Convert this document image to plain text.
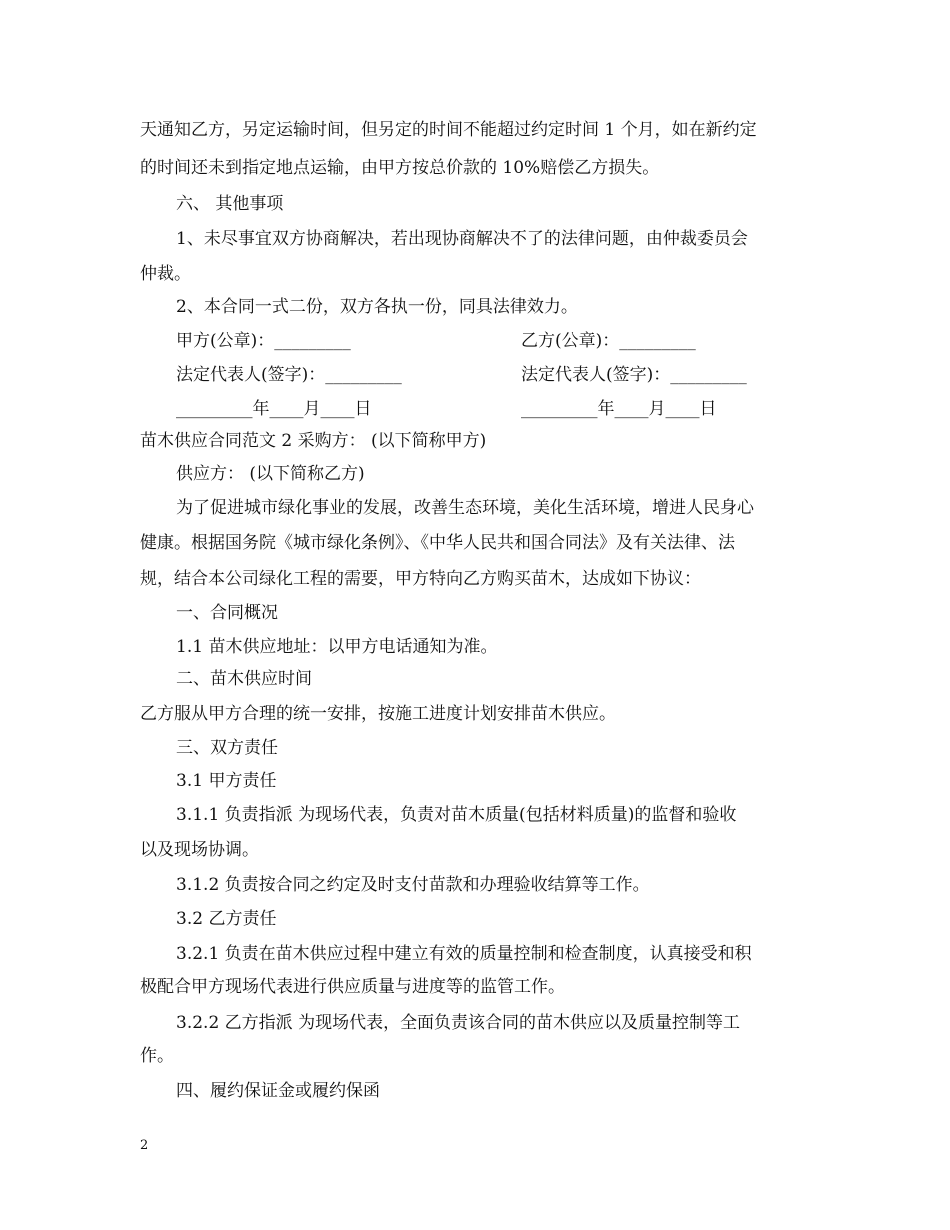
天通知乙方，另定运输时间，但另定的时间不能超过约定时间 1 个月，如在新约定
的时间还未到指定地点运输，由甲方按总价款的 10%赔偿乙方损失。
六、 其他事项
1、未尽事宜双方协商解决，若出现协商解决不了的法律问题，由仲裁委员会
仲裁。
2、本合同一式二份，双方各执一份，同具法律效力。
甲方(公章)：_________	乙方(公章)：_________
法定代表人(签字)：_________	法定代表人(签字)：_________
_________年____月____日	_________年____月____日
苗木供应合同范文 2 采购方： (以下简称甲方)
供应方： (以下简称乙方)
为了促进城市绿化事业的发展，改善生态环境，美化生活环境，增进人民身心
健康。根据国务院《城市绿化条例》、《中华人民共和国合同法》及有关法律、法
规，结合本公司绿化工程的需要，甲方特向乙方购买苗木，达成如下协议：
一、合同概况
1.1 苗木供应地址：以甲方电话通知为准。
二、苗木供应时间
乙方服从甲方合理的统一安排，按施工进度计划安排苗木供应。
三、双方责任
3.1 甲方责任
3.1.1 负责指派 为现场代表，负责对苗木质量(包括材料质量)的监督和验收
以及现场协调。
3.1.2 负责按合同之约定及时支付苗款和办理验收结算等工作。
3.2 乙方责任
3.2.1 负责在苗木供应过程中建立有效的质量控制和检查制度，认真接受和积
极配合甲方现场代表进行供应质量与进度等的监管工作。
3.2.2 乙方指派 为现场代表，全面负责该合同的苗木供应以及质量控制等工
作。
四、履约保证金或履约保函
2
